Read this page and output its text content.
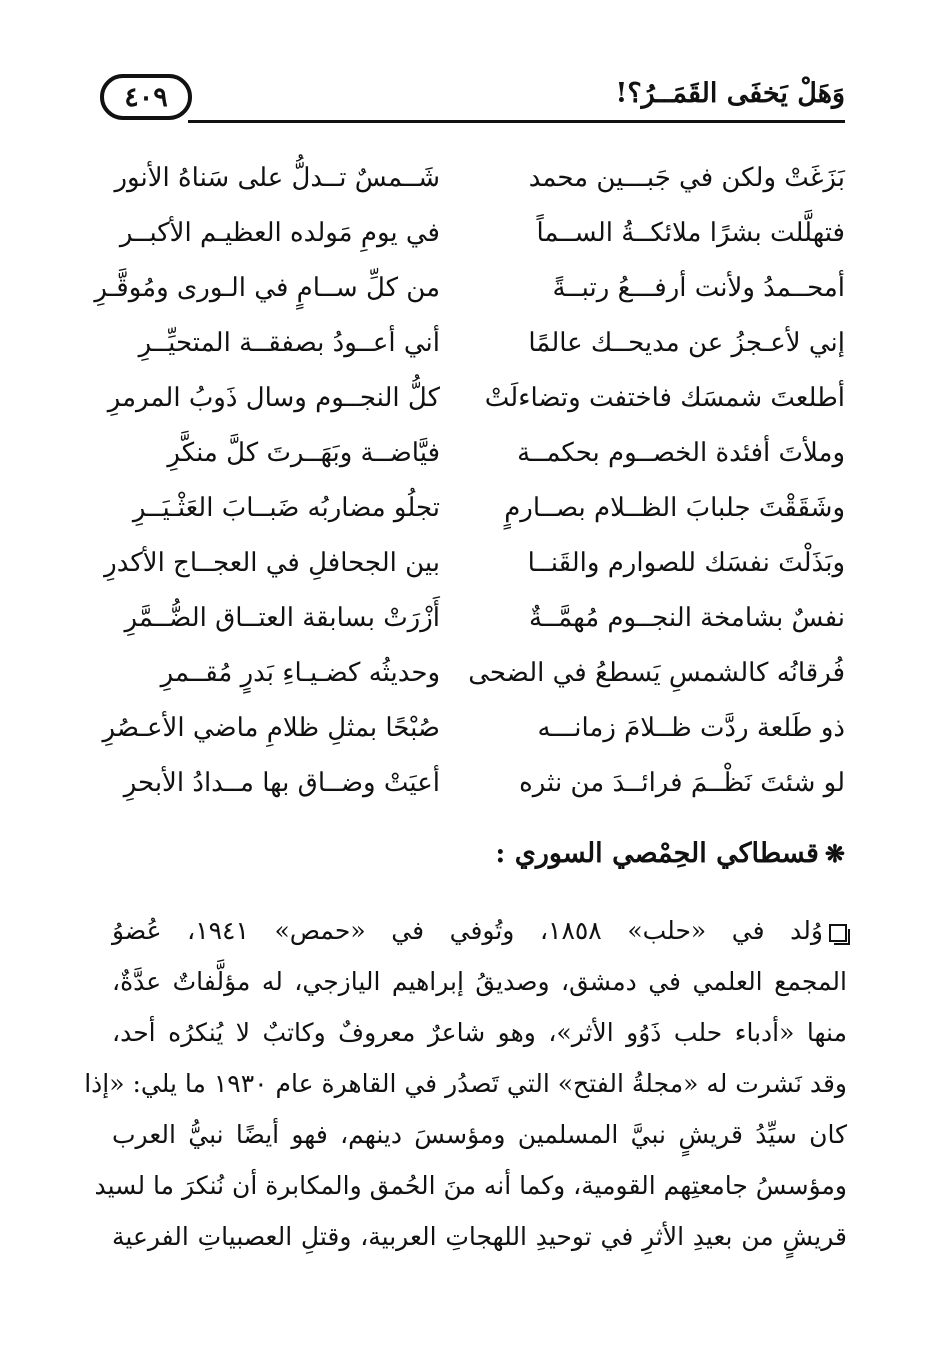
وَهَلْ يَخفَى القَمَــرُ؟!
٤٠٩
بَزَغَتْ ولكن في جَبـــين محمد
شَــمسٌ تــدلُّ على سَناهُ الأنور
فتهلَّلت بشرًا ملائكــةُ الســماً
في يومِ مَولده العظيـم الأكبــر
أمحــمدُ ولأنت أرفـــعُ رتبــةً
من كلِّ ســامٍ في الـورى ومُوقَّـرِ
إني لأعـجزُ عن مديحــك عالمًا
أني أعــودُ بصفقــة المتحيِّــرِ
أطلعتَ شمسَك فاختفت وتضاءلَتْ
كلُّ النجــوم وسال ذَوبُ المرمرِ
وملأتَ أفئدة الخصــوم بحكمــة
فيَّاضــة وبَهَــرتَ كلَّ منكَّرِ
وشَقَقْتَ جلبابَ الظــلام بصــارمٍ
تجلُو مضاربُه ضَبــابَ العَثْـيَــرِ
وبَذَلْتَ نفسَك للصوارم والقَنــا
بين الجحافلِ في العجــاج الأكدرِ
نفسٌ بشامخة النجــوم مُهمَّــةٌ
أَزْرَتْ بسابقة العتــاق الضُّــمَّرِ
فُرقانُه كالشمسِ يَسطعُ في الضحى
وحديثُه كضـيـاءِ بَدرٍ مُقــمرِ
ذو طَلعة ردَّت ظــلامَ زمانـــه
صُبْحًا بمثلِ ظلامِ ماضي الأعـصُرِ
لو شئتَ نَظْــمَ فرائــدَ من نثره
أعيَتْ وضــاق بها مــدادُ الأبحرِ
❋قسطاكي الحِمْصي السوري :
وُلد في «حلب» ١٨٥٨، وتُوفي في «حمص» ١٩٤١، عُضوُ
المجمع العلمي في دمشق، وصديقُ إبراهيم اليازجي، له مؤلَّفاتٌ عدَّةٌ،
منها «أدباء حلب ذَوُو الأثر»، وهو شاعرٌ معروفٌ وكاتبٌ لا يُنكرُه أحد،
وقد نَشرت له «مجلةُ الفتح» التي تَصدُر في القاهرة عام ١٩٣٠ ما يلي: «إذا
كان سيِّدُ قريشٍ نبيَّ المسلمين ومؤسسَ دينهم، فهو أيضًا نبيُّ العرب
ومؤسسُ جامعتِهم القومية، وكما أنه منَ الحُمق والمكابرة أن نُنكرَ ما لسيد
قريشٍ من بعيدِ الأثرِ في توحيدِ اللهجاتِ العربية، وقتلِ العصبياتِ الفرعية
